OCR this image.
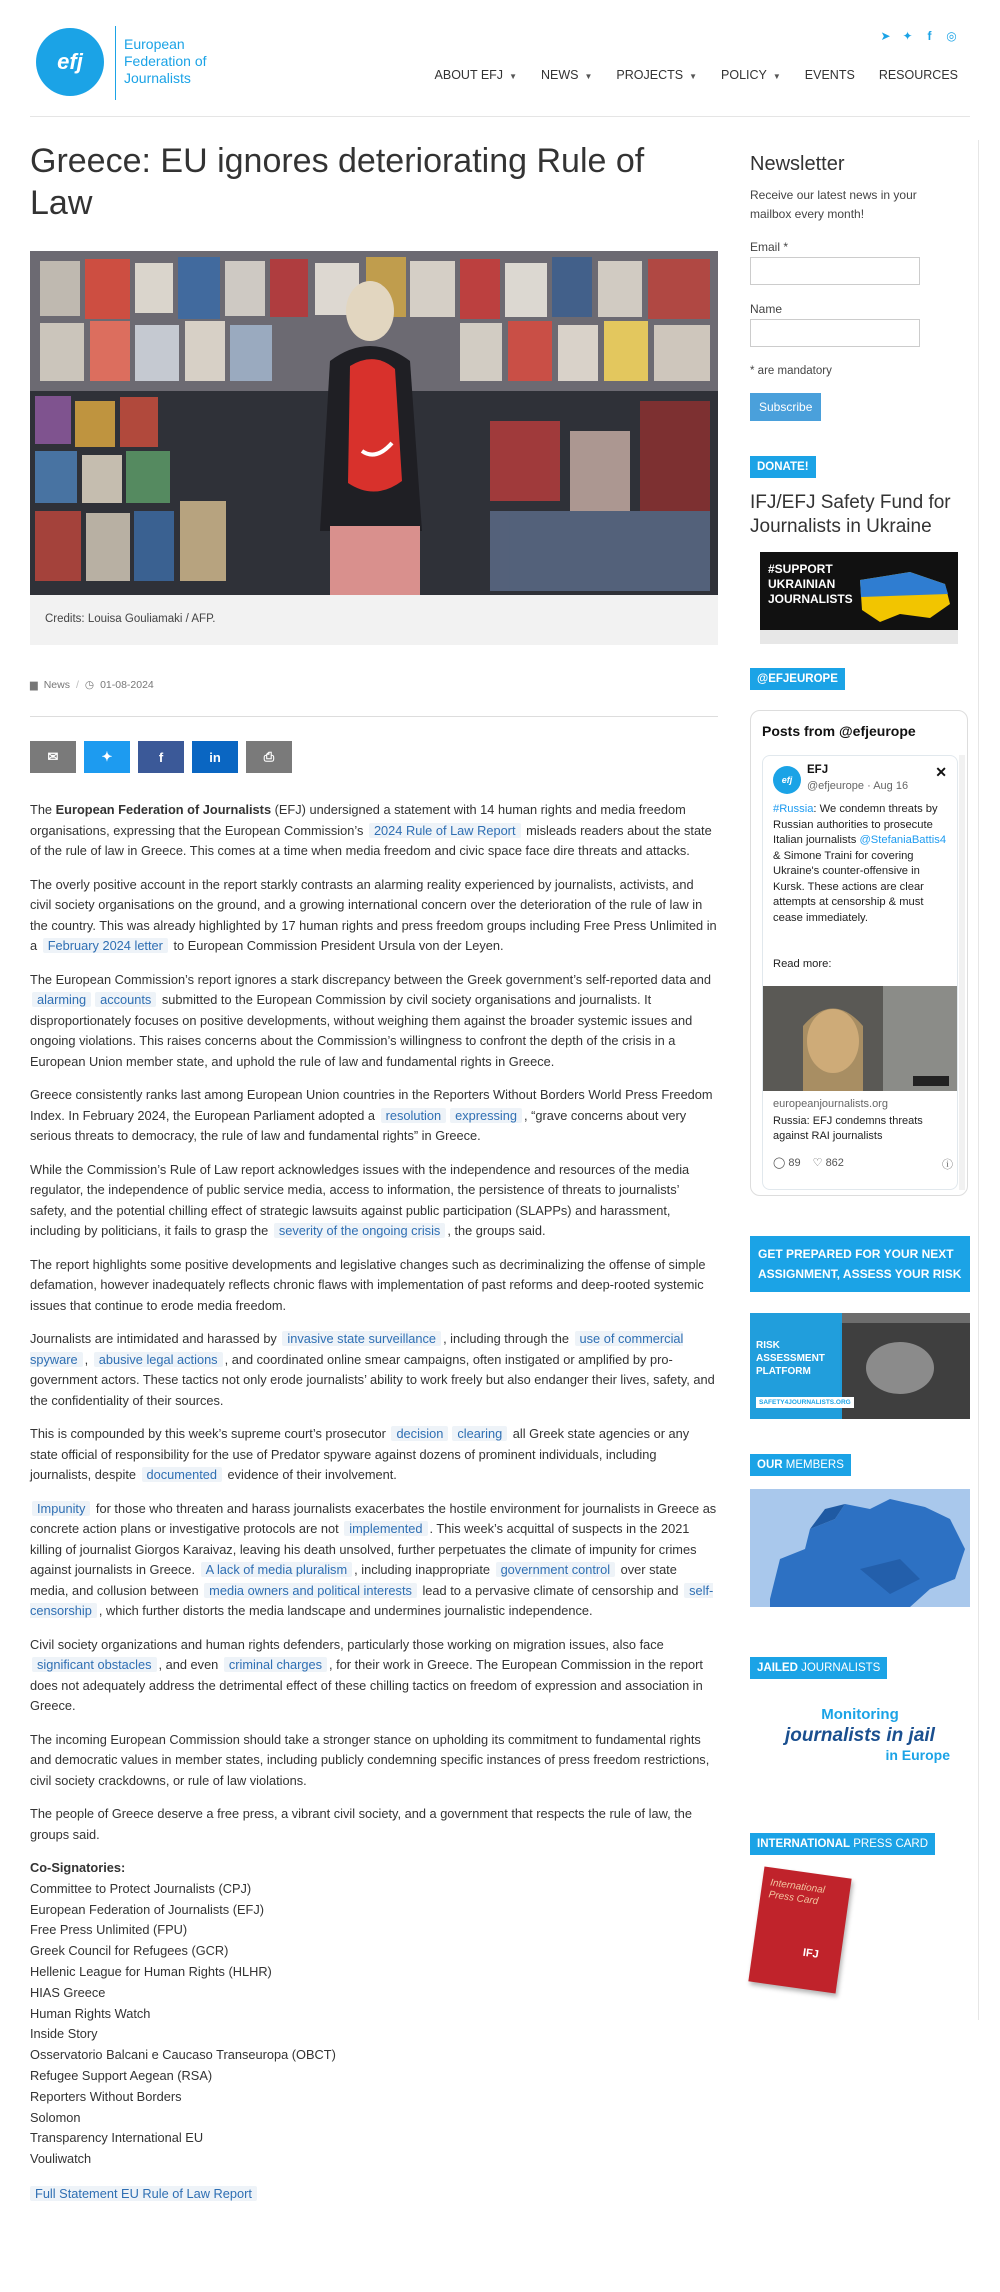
efj
European Federation of Journalists
➤ ✦	f	◎
ABOUT EFJ ▼ NEWS ▼ PROJECTS ▼ POLICY ▼ EVENTS RESOURCES
Greece: EU ignores deteriorating Rule of Law
Credits: Louisa Gouliamaki / AFP.
▆ News / ◷ 01-08-2024
✉	✦	f	in	⎙

The European Federation of Journalists (EFJ) undersigned a statement with 14 human rights and media freedom organisations, expressing that the European Commission’s 2024 Rule of Law Report misleads readers about the state of the rule of law in Greece. This comes at a time when media freedom and civic space face dire threats and attacks.

The overly positive account in the report starkly contrasts an alarming reality experienced by journalists, activists, and civil society organisations on the ground, and a growing international concern over the deterioration of the rule of law in the country. This was already highlighted by 17 human rights and press freedom groups including Free Press Unlimited in a February 2024 letter to European Commission President Ursula von der Leyen.

The European Commission’s report ignores a stark discrepancy between the Greek government’s self-reported data and alarming accounts submitted to the European Commission by civil society organisations and journalists. It disproportionately focuses on positive developments, without weighing them against the broader systemic issues and ongoing violations. This raises concerns about the Commission’s willingness to confront the depth of the crisis in a European Union member state, and uphold the rule of law and fundamental rights in Greece.

Greece consistently ranks last among European Union countries in the Reporters Without Borders World Press Freedom Index. In February 2024, the European Parliament adopted a resolution expressing , “grave concerns about very serious threats to democracy, the rule of law and fundamental rights” in Greece.

While the Commission’s Rule of Law report acknowledges issues with the independence and resources of the media regulator, the independence of public service media, access to information, the persistence of threats to journalists’ safety, and the potential chilling effect of strategic lawsuits against public participation (SLAPPs) and harassment, including by politicians, it fails to grasp the severity of the ongoing crisis , the groups said.

The report highlights some positive developments and legislative changes such as decriminalizing the offense of simple defamation, however inadequately reflects chronic flaws with implementation of past reforms and deep-rooted systemic issues that continue to erode media freedom.

Journalists are intimidated and harassed by invasive state surveillance , including through the use of commercial spyware , abusive legal actions , and coordinated online smear campaigns, often instigated or amplified by pro-government actors. These tactics not only erode journalists’ ability to work freely but also endanger their lives, safety, and the confidentiality of their sources.

This is compounded by this week’s supreme court’s prosecutor decision clearing all Greek state agencies or any state official of responsibility for the use of Predator spyware against dozens of prominent individuals, including journalists, despite documented evidence of their involvement.

Impunity for those who threaten and harass journalists exacerbates the hostile environment for journalists in Greece as concrete action plans or investigative protocols are not implemented . This week’s acquittal of suspects in the 2021 killing of journalist Giorgos Karaivaz, leaving his death unsolved, further perpetuates the climate of impunity for crimes against journalists in Greece. A lack of media pluralism , including inappropriate government control over state media, and collusion between media owners and political interests lead to a pervasive climate of censorship and self-censorship , which further distorts the media landscape and undermines journalistic independence.

Civil society organizations and human rights defenders, particularly those working on migration issues, also face significant obstacles , and even criminal charges , for their work in Greece. The European Commission in the report does not adequately address the detrimental effect of these chilling tactics on freedom of expression and association in Greece.

The incoming European Commission should take a stronger stance on upholding its commitment to fundamental rights and democratic values in member states, including publicly condemning specific instances of press freedom restrictions, civil society crackdowns, or rule of law violations.

The people of Greece deserve a free press, a vibrant civil society, and a government that respects the rule of law, the groups said.

Co-Signatories:
Committee to Protect Journalists (CPJ)
European Federation of Journalists (EFJ)
Free Press Unlimited (FPU)
Greek Council for Refugees (GCR)
Hellenic League for Human Rights (HLHR)
HIAS Greece
Human Rights Watch
Inside Story
Osservatorio Balcani e Caucaso Transeuropa (OBCT)
Refugee Support Aegean (RSA)
Reporters Without Borders
Solomon
Transparency International EU
Vouliwatch
Full Statement EU Rule of Law Report
Newsletter
Receive our latest news in your mailbox every month!
Email *
Name
* are mandatory
Subscribe
DONATE!
IFJ/EFJ Safety Fund for Journalists in Ukraine
#SUPPORT UKRAINIAN JOURNALISTS
@EFJEUROPE
Posts from @efjeurope
efj
EFJ
@efjeurope · Aug 16
✕
#Russia: We condemn threats by Russian authorities to prosecute Italian journalists @StefaniaBattis4 & Simone Traini for covering Ukraine's counter-offensive in Kursk. These actions are clear attempts at censorship & must cease immediately.
Read more:
europeanjournalists.org
Russia: EFJ condemns threats against RAI journalists
◯ 89 ♡ 862	ⓘ
GET PREPARED FOR YOUR NEXT ASSIGNMENT, ASSESS YOUR RISK
RISK ASSESSMENT PLATFORM
SAFETY4JOURNALISTS.ORG
OUR MEMBERS
JAILED JOURNALISTS
Monitoring
journalists in jail
in Europe
INTERNATIONAL PRESS CARD
International Press Card
IFJ
